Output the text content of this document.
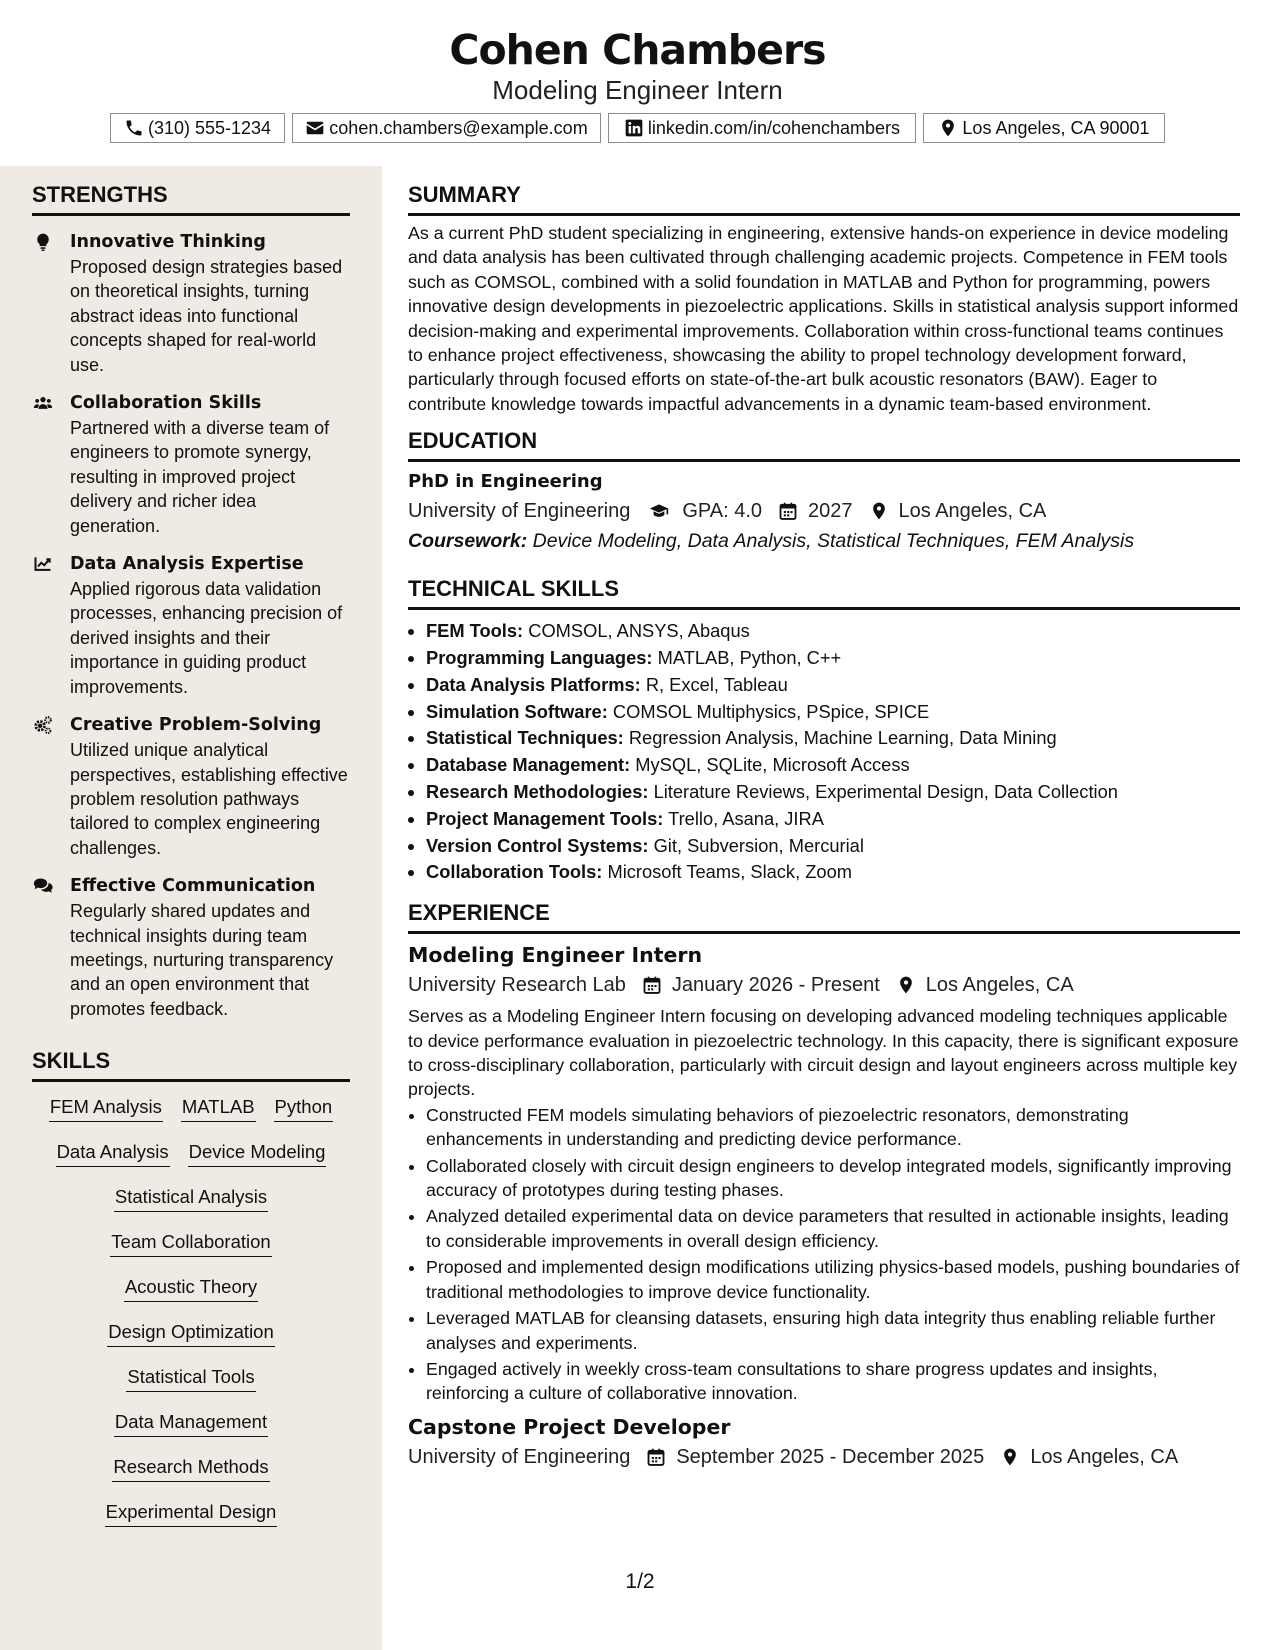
Cohen Chambers
Modeling Engineer Intern
(310) 555-1234	cohen.chambers@example.com	linkedin.com/in/cohenchambers	Los Angeles, CA 90001
STRENGTHS
Innovative Thinking
Proposed design strategies based on theoretical insights, turning abstract ideas into functional concepts shaped for real-world use.
Collaboration Skills
Partnered with a diverse team of engineers to promote synergy, resulting in improved project delivery and richer idea generation.
Data Analysis Expertise
Applied rigorous data validation processes, enhancing precision of derived insights and their importance in guiding product improvements.
Creative Problem-Solving
Utilized unique analytical perspectives, establishing effective problem resolution pathways tailored to complex engineering challenges.
Effective Communication
Regularly shared updates and technical insights during team meetings, nurturing transparency and an open environment that promotes feedback.
SKILLS
FEM Analysis MATLAB Python
Data Analysis Device Modeling
Statistical Analysis
Team Collaboration
Acoustic Theory
Design Optimization
Statistical Tools
Data Management
Research Methods
Experimental Design
SUMMARY
As a current PhD student specializing in engineering, extensive hands-on experience in device modeling and data analysis has been cultivated through challenging academic projects. Competence in FEM tools such as COMSOL, combined with a solid foundation in MATLAB and Python for programming, powers innovative design developments in piezoelectric applications. Skills in statistical analysis support informed decision-making and experimental improvements. Collaboration within cross-functional teams continues to enhance project effectiveness, showcasing the ability to propel technology development forward, particularly through focused efforts on state-of-the-art bulk acoustic resonators (BAW). Eager to contribute knowledge towards impactful advancements in a dynamic team-based environment.
EDUCATION
PhD in Engineering
University of Engineering	GPA: 4.0 2027 Los Angeles, CA
Coursework: Device Modeling, Data Analysis, Statistical Techniques, FEM Analysis
TECHNICAL SKILLS
• FEM Tools: COMSOL, ANSYS, Abaqus
• Programming Languages: MATLAB, Python, C++
• Data Analysis Platforms: R, Excel, Tableau
• Simulation Software: COMSOL Multiphysics, PSpice, SPICE
• Statistical Techniques: Regression Analysis, Machine Learning, Data Mining
• Database Management: MySQL, SQLite, Microsoft Access
• Research Methodologies: Literature Reviews, Experimental Design, Data Collection
• Project Management Tools: Trello, Asana, JIRA
• Version Control Systems: Git, Subversion, Mercurial
• Collaboration Tools: Microsoft Teams, Slack, Zoom
EXPERIENCE
Modeling Engineer Intern
University Research Lab January 2026 - Present Los Angeles, CA
Serves as a Modeling Engineer Intern focusing on developing advanced modeling techniques applicable to device performance evaluation in piezoelectric technology. In this capacity, there is significant exposure to cross-disciplinary collaboration, particularly with circuit design and layout engineers across multiple key projects.
• Constructed FEM models simulating behaviors of piezoelectric resonators, demonstrating enhancements in understanding and predicting device performance.
• Collaborated closely with circuit design engineers to develop integrated models, significantly improving accuracy of prototypes during testing phases.
• Analyzed detailed experimental data on device parameters that resulted in actionable insights, leading to considerable improvements in overall design efficiency.
• Proposed and implemented design modifications utilizing physics-based models, pushing boundaries of traditional methodologies to improve device functionality.
• Leveraged MATLAB for cleansing datasets, ensuring high data integrity thus enabling reliable further analyses and experiments.
• Engaged actively in weekly cross-team consultations to share progress updates and insights, reinforcing a culture of collaborative innovation.
Capstone Project Developer
University of Engineering September 2025 - December 2025 Los Angeles, CA
1/2
